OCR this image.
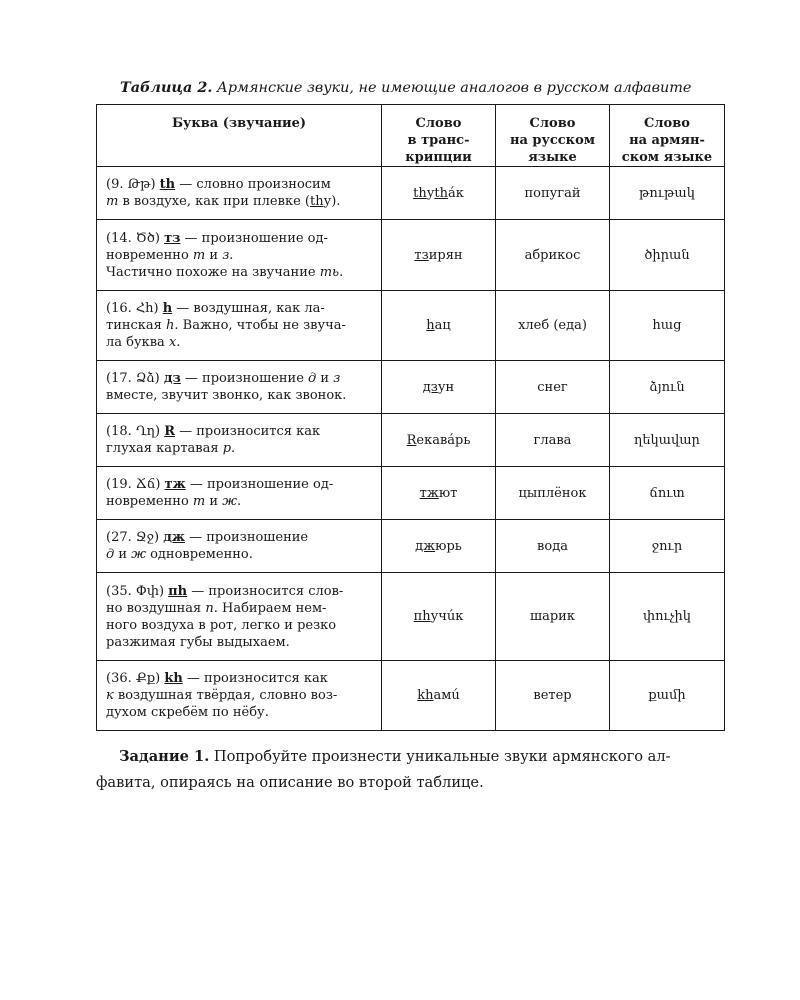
Таблица 2. Армянские звуки, не имеющие аналогов в русском алфавите
Буква (звучание)	Слово
в транс-
крипции	Слово
на русском
языке	Слово
на армян-
ском языке
(9. Թթ) th — словно произносим
т в воздухе, как при плевке (thу).	thуtháк	попугай	թութակ
(14. Ծծ) тз — произношение од-
новременно т и з.
Частично похоже на звучание ть.	тзирян	абрикос	ծիրան
(16. Հհ) h — воздушная, как ла-
тинская h. Важно, чтобы не звуча-
ла буква х.	hац	хлеб (еда)	հաց
(17. Ձձ) дз — произношение д и з
вместе, звучит звонко, как звонок.	дзун	снег	ձյուն
(18. Ղղ) R — произносится как
глухая картавая р.	Rекавáрь	глава	ղեկավար
(19. Ճճ) тж — произношение од-
новременно т и ж.	тжют	цыплёнок	ճուտ
(27. Ջջ) дж — произношение
д и ж одновременно.	джюрь	вода	ջուր
(35. Փփ) пh — произносится слов-
но воздушная п. Набираем нем-
ного воздуха в рот, легко и резко
разжимая губы выдыхаем.	пhучúк	шарик	փուչիկ
(36. Քք) kh — произносится как
к воздушная твёрдая, словно воз-
духом скребём по нёбу.	khамú	ветер	քամի
Задание 1. Попробуйте произнести уникальные звуки армянского ал-
фавита, опираясь на описание во второй таблице.
